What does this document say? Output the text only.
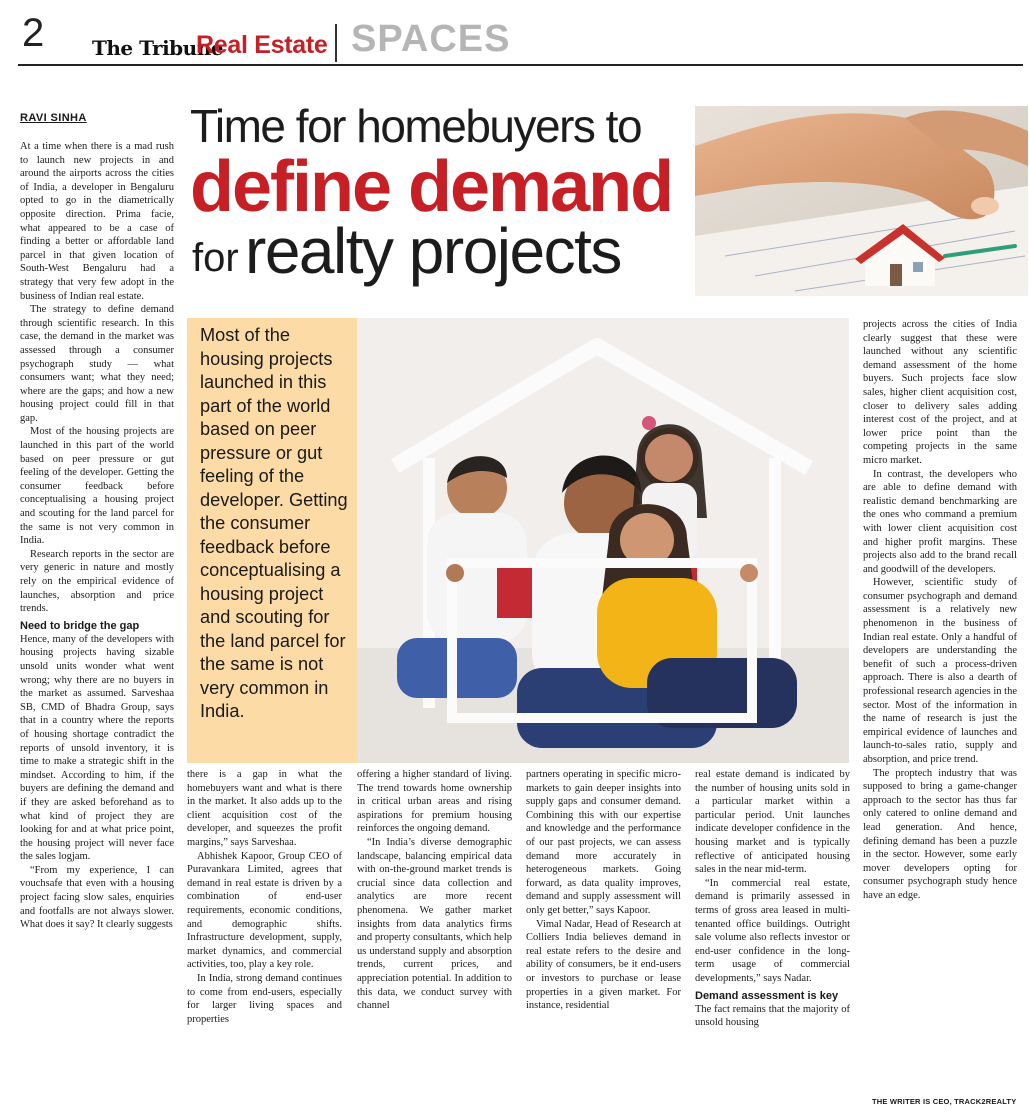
2 The Tribune
Real Estate SPACES
RAVI SINHA Time for homebuyers to
define demand
for realty projects

Most of the housing projects launched in this part of the world based on peer pressure or gut feeling of the developer. Getting the consumer feedback before conceptualising a housing project and scouting for the land parcel for the same is not very common in India.

At a time when there is a mad rush to launch new projects in and around the airports across the cities of India, a developer in Bengaluru opted to go in the diametrically opposite direction. Prima facie, what appeared to be a case of finding a better or affordable land parcel in that given location of South-West Bengaluru had a strategy that very few adopt in the business of Indian real estate.

The strategy to define demand through scientific research. In this case, the demand in the market was assessed through a consumer psychograph study — what consumers want; what they need; where are the gaps; and how a new housing project could fill in that gap.

Most of the housing projects are launched in this part of the world based on peer pressure or gut feeling of the developer. Getting the consumer feedback before conceptualising a housing project and scouting for the land parcel for the same is not very common in India.

Research reports in the sector are very generic in nature and mostly rely on the empirical evidence of launches, absorption and price trends.

Need to bridge the gap

Hence, many of the developers with housing projects having sizable unsold units wonder what went wrong; why there are no buyers in the market as assumed. Sarveshaa SB, CMD of Bhadra Group, says that in a country where the reports of housing shortage contradict the reports of unsold inventory, it is time to make a strategic shift in the mindset. According to him, if the buyers are defining the demand and if they are asked beforehand as to what kind of project they are looking for and at what price point, the housing project will never face the sales logjam.

“From my experience, I can vouchsafe that even with a housing project facing slow sales, enquiries and footfalls are not always slower. What does it say? It clearly suggests

there is a gap in what the homebuyers want and what is there in the market. It also adds up to the client acquisition cost of the developer, and squeezes the profit margins,” says Sarveshaa.

Abhishek Kapoor, Group CEO of Puravankara Limited, agrees that demand in real estate is driven by a combination of end-user requirements, economic conditions, and demographic shifts. Infrastructure development, supply, market dynamics, and commercial activities, too, play a key role.

In India, strong demand continues to come from end-users, especially for larger living spaces and properties

offering a higher standard of living. The trend towards home ownership in critical urban areas and rising aspirations for premium housing reinforces the ongoing demand.

“In India’s diverse demographic landscape, balancing empirical data with on-the-ground market trends is crucial since data collection and analytics are more recent phenomena. We gather market insights from data analytics firms and property consultants, which help us understand supply and absorption trends, current prices, and appreciation potential. In addition to this data, we conduct survey with channel

partners operating in specific micro-markets to gain deeper insights into supply gaps and consumer demand. Combining this with our expertise and knowledge and the performance of our past projects, we can assess demand more accurately in heterogeneous markets. Going forward, as data quality improves, demand and supply assessment will only get better,” says Kapoor.

Vimal Nadar, Head of Research at Colliers India believes demand in real estate refers to the desire and ability of consumers, be it end-users or investors to purchase or lease properties in a given market. For instance, residential

real estate demand is indicated by the number of housing units sold in a particular market within a particular period. Unit launches indicate developer confidence in the housing market and is typically reflective of anticipated housing sales in the near mid-term.

“In commercial real estate, demand is primarily assessed in terms of gross area leased in multi-tenanted office buildings. Outright sale volume also reflects investor or end-user confidence in the long-term usage of commercial developments,” says Nadar.

Demand assessment is key

The fact remains that the majority of unsold housing

projects across the cities of India clearly suggest that these were launched without any scientific demand assessment of the home buyers. Such projects face slow sales, higher client acquisition cost, closer to delivery sales adding interest cost of the project, and at lower price point than the competing projects in the same micro market.

In contrast, the developers who are able to define demand with realistic demand benchmarking are the ones who command a premium with lower client acquisition cost and higher profit margins. These projects also add to the brand recall and goodwill of the developers.

However, scientific study of consumer psychograph and demand assessment is a relatively new phenomenon in the business of Indian real estate. Only a handful of developers are understanding the benefit of such a process-driven approach. There is also a dearth of professional research agencies in the sector. Most of the information in the name of research is just the empirical evidence of launches and launch-to-sales ratio, supply and absorption, and price trend.

The proptech industry that was supposed to bring a game-changer approach to the sector has thus far only catered to online demand and lead generation. And hence, defining demand has been a puzzle in the sector. However, some early mover developers opting for consumer psychograph study hence have an edge.

THE WRITER IS CEO, TRACK2REALTY
